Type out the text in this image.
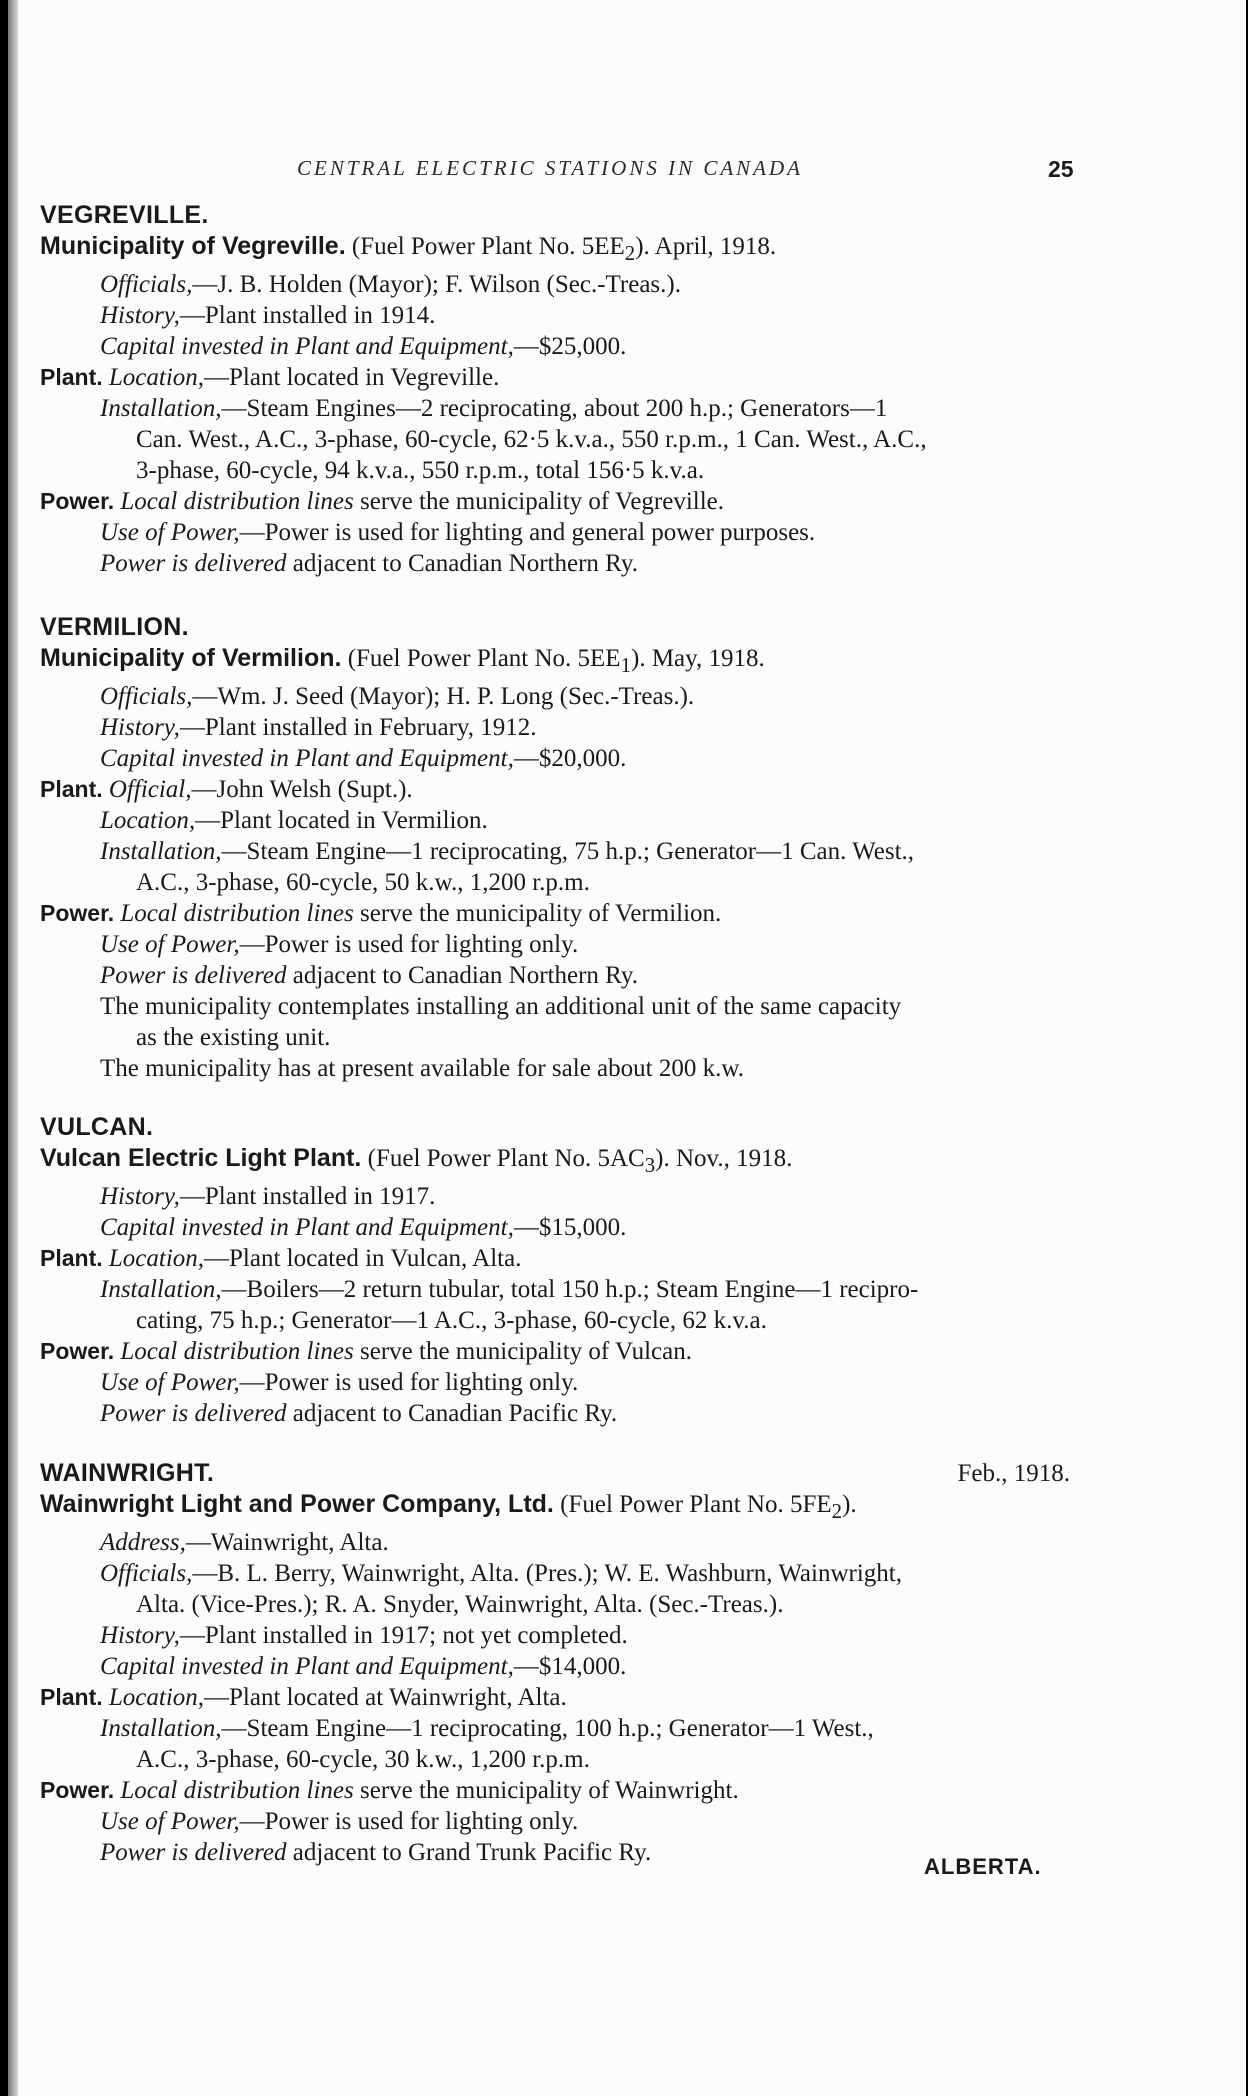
CENTRAL ELECTRIC STATIONS IN CANADA	25
VEGREVILLE.
Municipality of Vegreville. (Fuel Power Plant No. $5EE_2$). April, 1918.
Officials,—J. B. Holden (Mayor); F. Wilson (Sec.-Treas.).
History,—Plant installed in 1914.
Capital invested in Plant and Equipment,—$25,000.
Plant. Location,—Plant located in Vegreville.
Installation,—Steam Engines—2 reciprocating, about 200 h.p.; Generators—1
Can. West., A.C., 3-phase, 60-cycle, 62·5 k.v.a., 550 r.p.m., 1 Can. West., A.C.,
3-phase, 60-cycle, 94 k.v.a., 550 r.p.m., total 156·5 k.v.a.
Power. Local distribution lines serve the municipality of Vegreville.
Use of Power,—Power is used for lighting and general power purposes.
Power is delivered adjacent to Canadian Northern Ry.
VERMILION.
Municipality of Vermilion. (Fuel Power Plant No. $5EE_1$). May, 1918.
Officials,—Wm. J. Seed (Mayor); H. P. Long (Sec.-Treas.).
History,—Plant installed in February, 1912.
Capital invested in Plant and Equipment,—$20,000.
Plant. Official,—John Welsh (Supt.).
Location,—Plant located in Vermilion.
Installation,—Steam Engine—1 reciprocating, 75 h.p.; Generator—1 Can. West.,
A.C., 3-phase, 60-cycle, 50 k.w., 1,200 r.p.m.
Power. Local distribution lines serve the municipality of Vermilion.
Use of Power,—Power is used for lighting only.
Power is delivered adjacent to Canadian Northern Ry.
The municipality contemplates installing an additional unit of the same capacity
as the existing unit.
The municipality has at present available for sale about 200 k.w.
VULCAN.
Vulcan Electric Light Plant. (Fuel Power Plant No. $5AC_3$). Nov., 1918.
History,—Plant installed in 1917.
Capital invested in Plant and Equipment,—$15,000.
Plant. Location,—Plant located in Vulcan, Alta.
Installation,—Boilers—2 return tubular, total 150 h.p.; Steam Engine—1 recipro-
cating, 75 h.p.; Generator—1 A.C., 3-phase, 60-cycle, 62 k.v.a.
Power. Local distribution lines serve the municipality of Vulcan.
Use of Power,—Power is used for lighting only.
Power is delivered adjacent to Canadian Pacific Ry.
WAINWRIGHT.	Feb., 1918.
Wainwright Light and Power Company, Ltd. (Fuel Power Plant No. $5FE_2$).
Address,—Wainwright, Alta.
Officials,—B. L. Berry, Wainwright, Alta. (Pres.); W. E. Washburn, Wainwright,
Alta. (Vice-Pres.); R. A. Snyder, Wainwright, Alta. (Sec.-Treas.).
History,—Plant installed in 1917; not yet completed.
Capital invested in Plant and Equipment,—$14,000.
Plant. Location,—Plant located at Wainwright, Alta.
Installation,—Steam Engine—1 reciprocating, 100 h.p.; Generator—1 West.,
A.C., 3-phase, 60-cycle, 30 k.w., 1,200 r.p.m.
Power. Local distribution lines serve the municipality of Wainwright.
Use of Power,—Power is used for lighting only.
Power is delivered adjacent to Grand Trunk Pacific Ry.
ALBERTA.
